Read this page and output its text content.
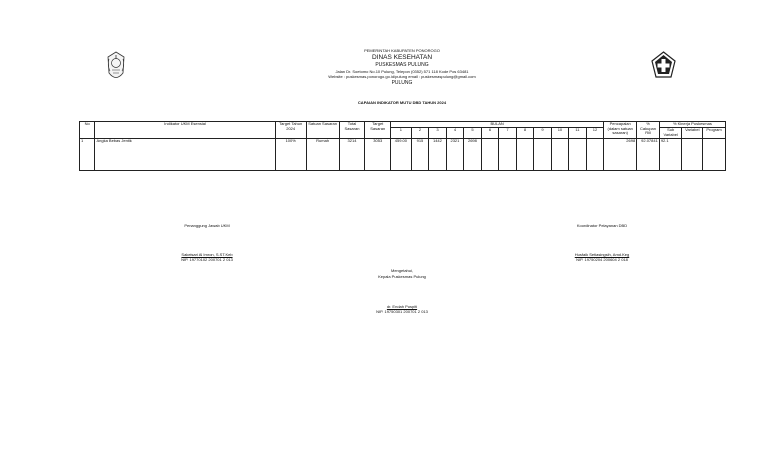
PEMERINTAH KABUPATEN PONOROGO
DINAS KESEHATAN
PUSKESMAS PULUNG
Jalan Dr. Soetomo No.10 Pulung, Telepon (0352) 571 118 Kode Pos 63481
Website : puskesmas.ponorogo.go.id/pulung email : puskesmaspulung@gmail.com
PULUNG
CAPAIAN INDIKATOR MUTU DBD TAHUN 2024
No	Indikator UKM Esensial	Target Tahun 2024	Satuan Sasaran	Total Sasaran	Target Sasaran	BULAN												Pencapaian (dalam satuan sasaran)	% Cakupan Riil	% Kinerja Puskesmas		
						1	2	3	4	5	6	7	8	9	10	11	12			Sub Variabel	Variabel	Program
1	Angka Bebas Jentik	100%	Rumah	3214	3053	459.00	915	1442	2321	2698								2698	92.07841	92.1		
Penanggung Jawab UKM
Sakeisari Al Imron, S.ST.Keb
NIP. 19770102 200701 2 013
Koordinator Pelayanan DBD
Husfaik Setiasingsih, Amd.Keg
NIP. 19750204 200604 2 018
Mengetahui,
Kepala Puskesmas Pulung
dr. Endah Puspiti
NIP. 19750301 200701 2 013
